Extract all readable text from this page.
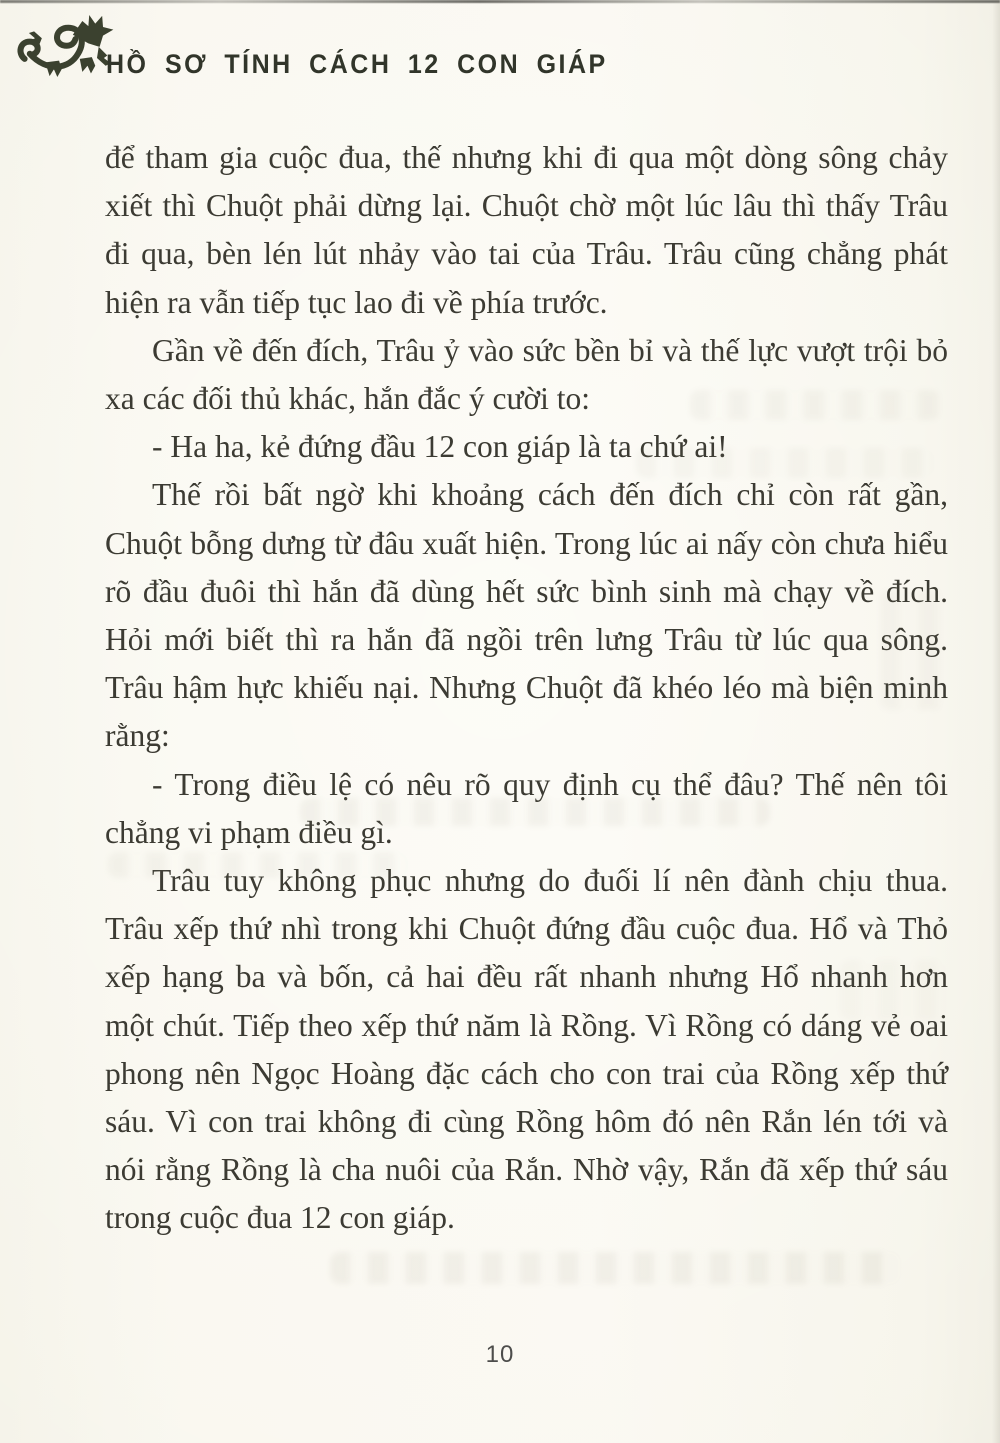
HỒ SƠ TÍNH CÁCH 12 CON GIÁP

để tham gia cuộc đua, thế nhưng khi đi qua một dòng sông chảy xiết thì Chuột phải dừng lại. Chuột chờ một lúc lâu thì thấy Trâu đi qua, bèn lén lút nhảy vào tai của Trâu. Trâu cũng chẳng phát hiện ra vẫn tiếp tục lao đi về phía trước.

Gần về đến đích, Trâu ỷ vào sức bền bỉ và thế lực vượt trội bỏ xa các đối thủ khác, hắn đắc ý cười to:

- Ha ha, kẻ đứng đầu 12 con giáp là ta chứ ai!

Thế rồi bất ngờ khi khoảng cách đến đích chỉ còn rất gần, Chuột bỗng dưng từ đâu xuất hiện. Trong lúc ai nấy còn chưa hiểu rõ đầu đuôi thì hắn đã dùng hết sức bình sinh mà chạy về đích. Hỏi mới biết thì ra hắn đã ngồi trên lưng Trâu từ lúc qua sông. Trâu hậm hực khiếu nại. Nhưng Chuột đã khéo léo mà biện minh rằng:

- Trong điều lệ có nêu rõ quy định cụ thể đâu? Thế nên tôi chẳng vi phạm điều gì.

Trâu tuy không phục nhưng do đuối lí nên đành chịu thua. Trâu xếp thứ nhì trong khi Chuột đứng đầu cuộc đua. Hổ và Thỏ xếp hạng ba và bốn, cả hai đều rất nhanh nhưng Hổ nhanh hơn một chút. Tiếp theo xếp thứ năm là Rồng. Vì Rồng có dáng vẻ oai phong nên Ngọc Hoàng đặc cách cho con trai của Rồng xếp thứ sáu. Vì con trai không đi cùng Rồng hôm đó nên Rắn lén tới và nói rằng Rồng là cha nuôi của Rắn. Nhờ vậy, Rắn đã xếp thứ sáu trong cuộc đua 12 con giáp.

10
